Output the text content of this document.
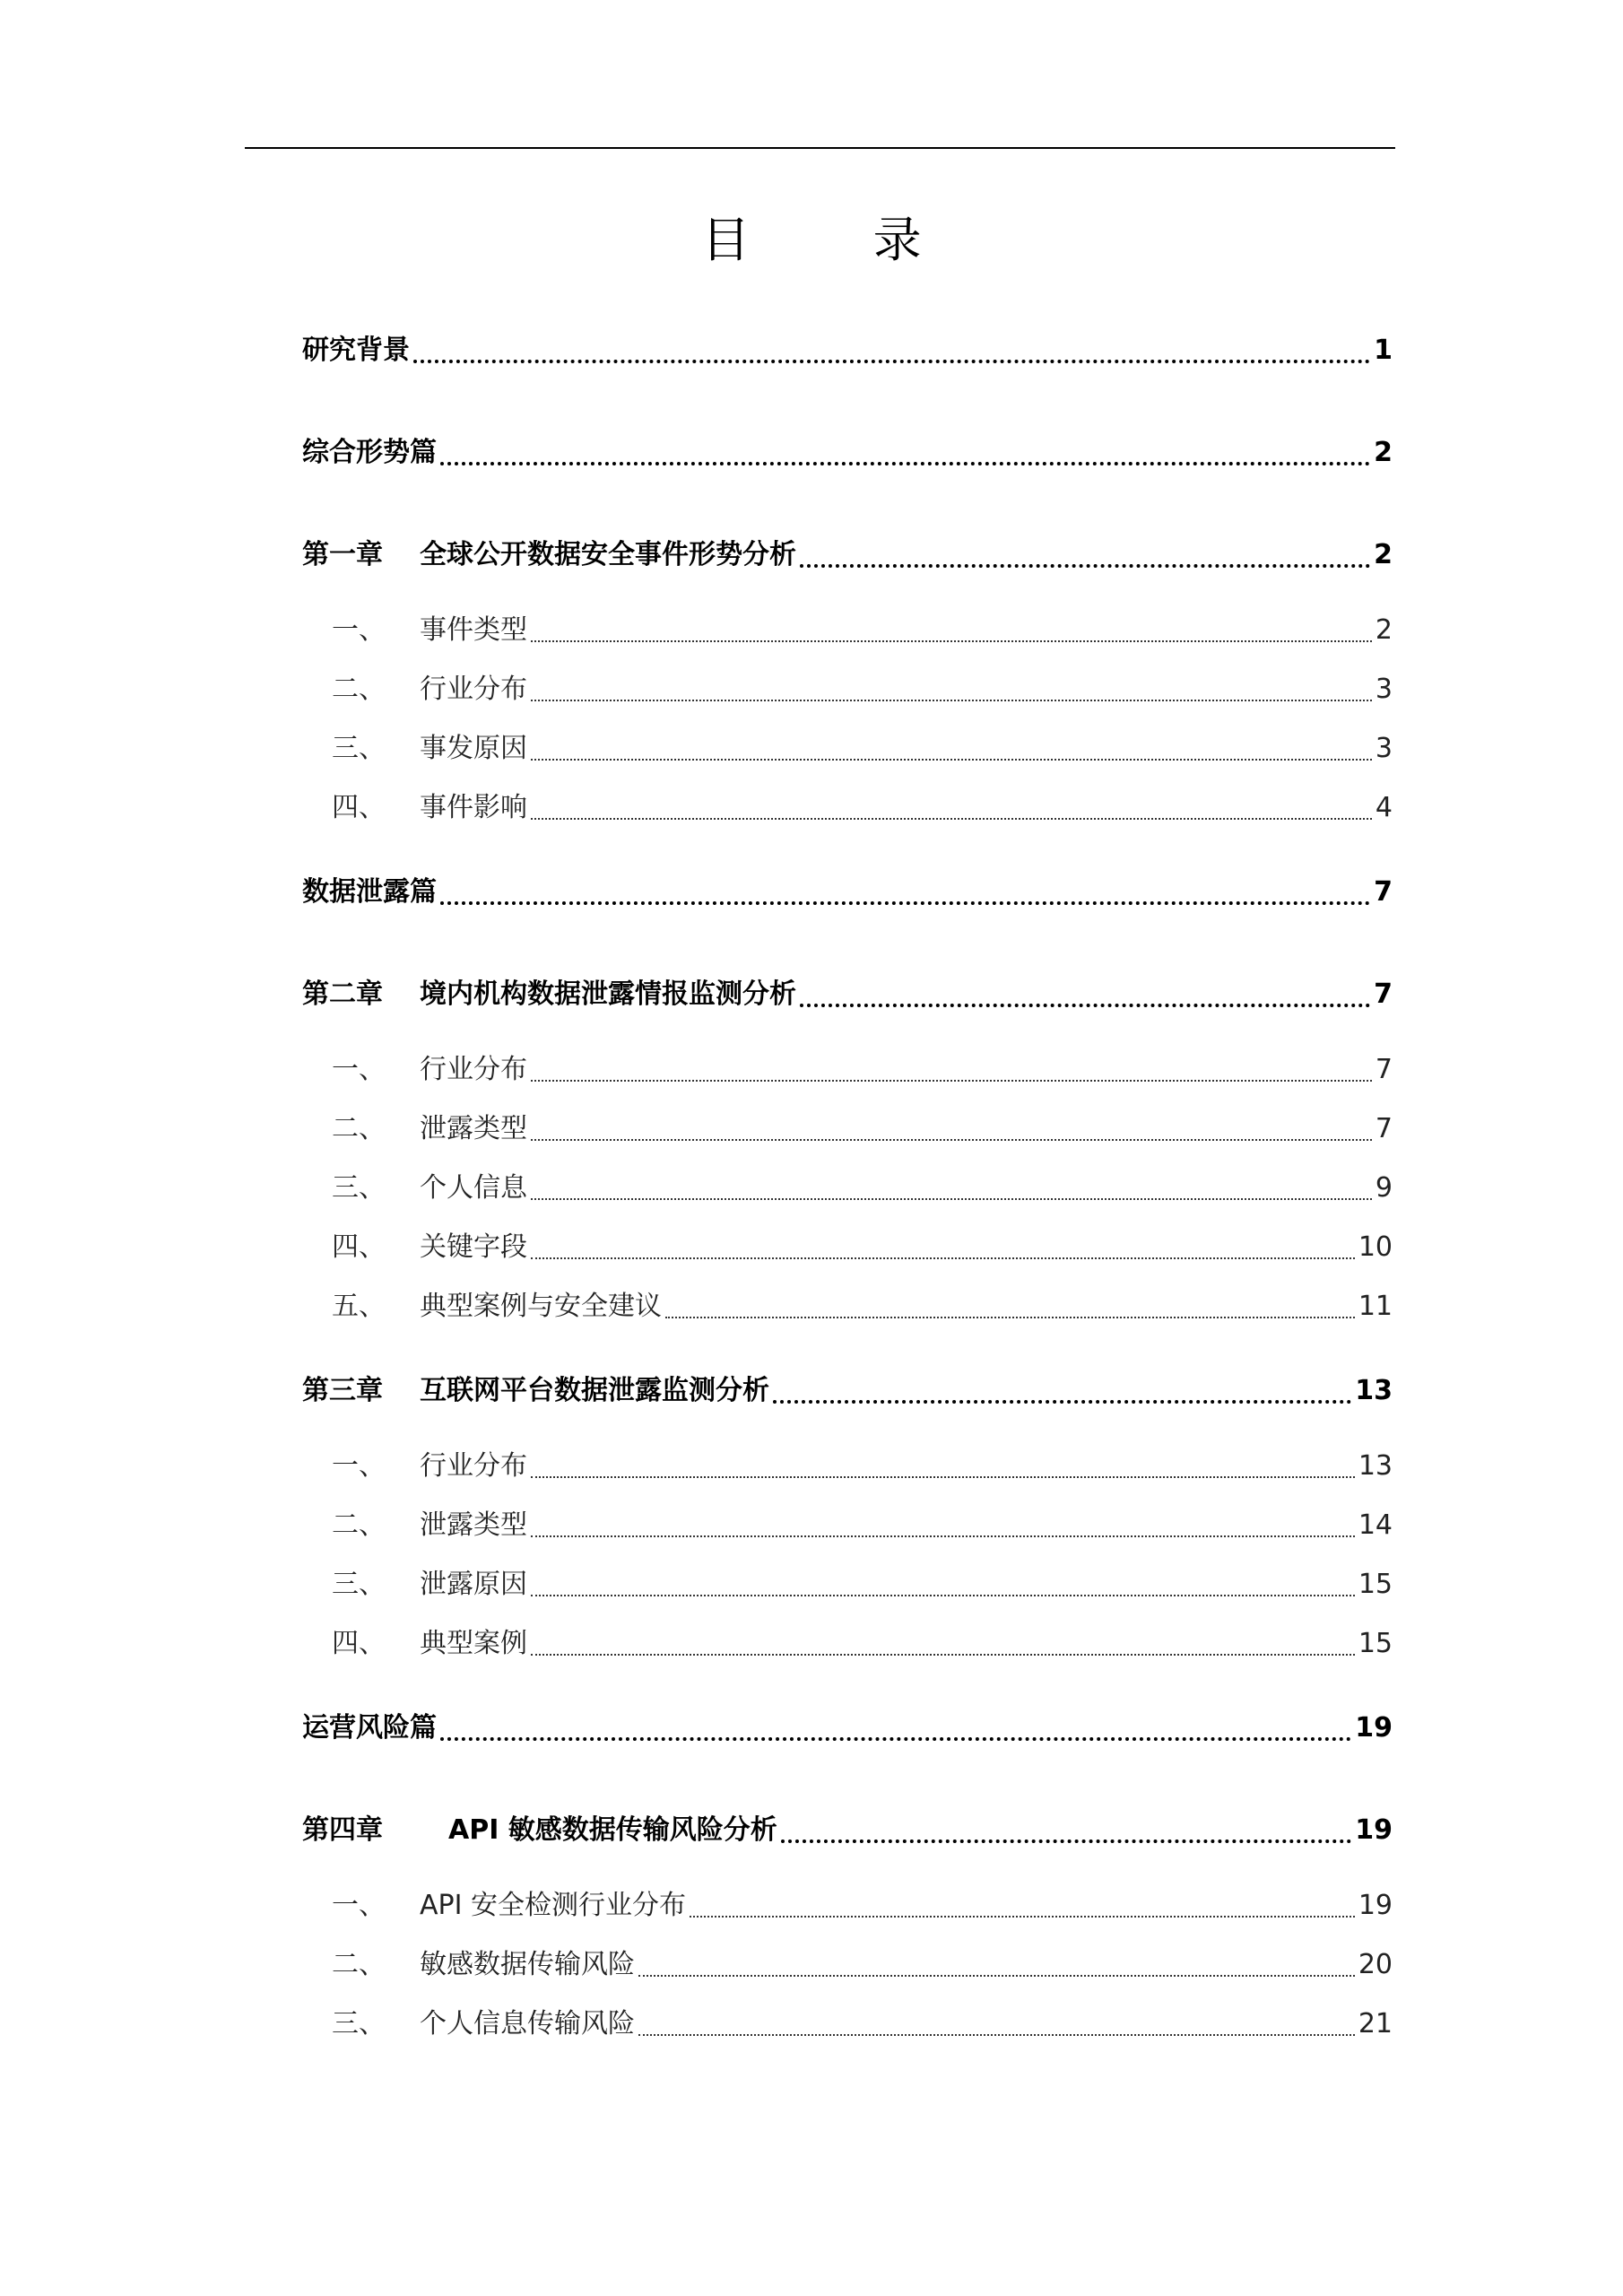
目 录
研究背景	1
综合形势篇	2
第一章	全球公开数据安全事件形势分析	2
一、	事件类型	2
二、	行业分布	3
三、	事发原因	3
四、	事件影响	4
数据泄露篇	7
第二章	境内机构数据泄露情报监测分析	7
一、	行业分布	7
二、	泄露类型	7
三、	个人信息	9
四、	关键字段	10
五、	典型案例与安全建议	11
第三章	互联网平台数据泄露监测分析	13
一、	行业分布	13
二、	泄露类型	14
三、	泄露原因	15
四、	典型案例	15
运营风险篇	19
第四章	API 敏感数据传输风险分析	19
一、	API 安全检测行业分布	19
二、	敏感数据传输风险	20
三、	个人信息传输风险	21
